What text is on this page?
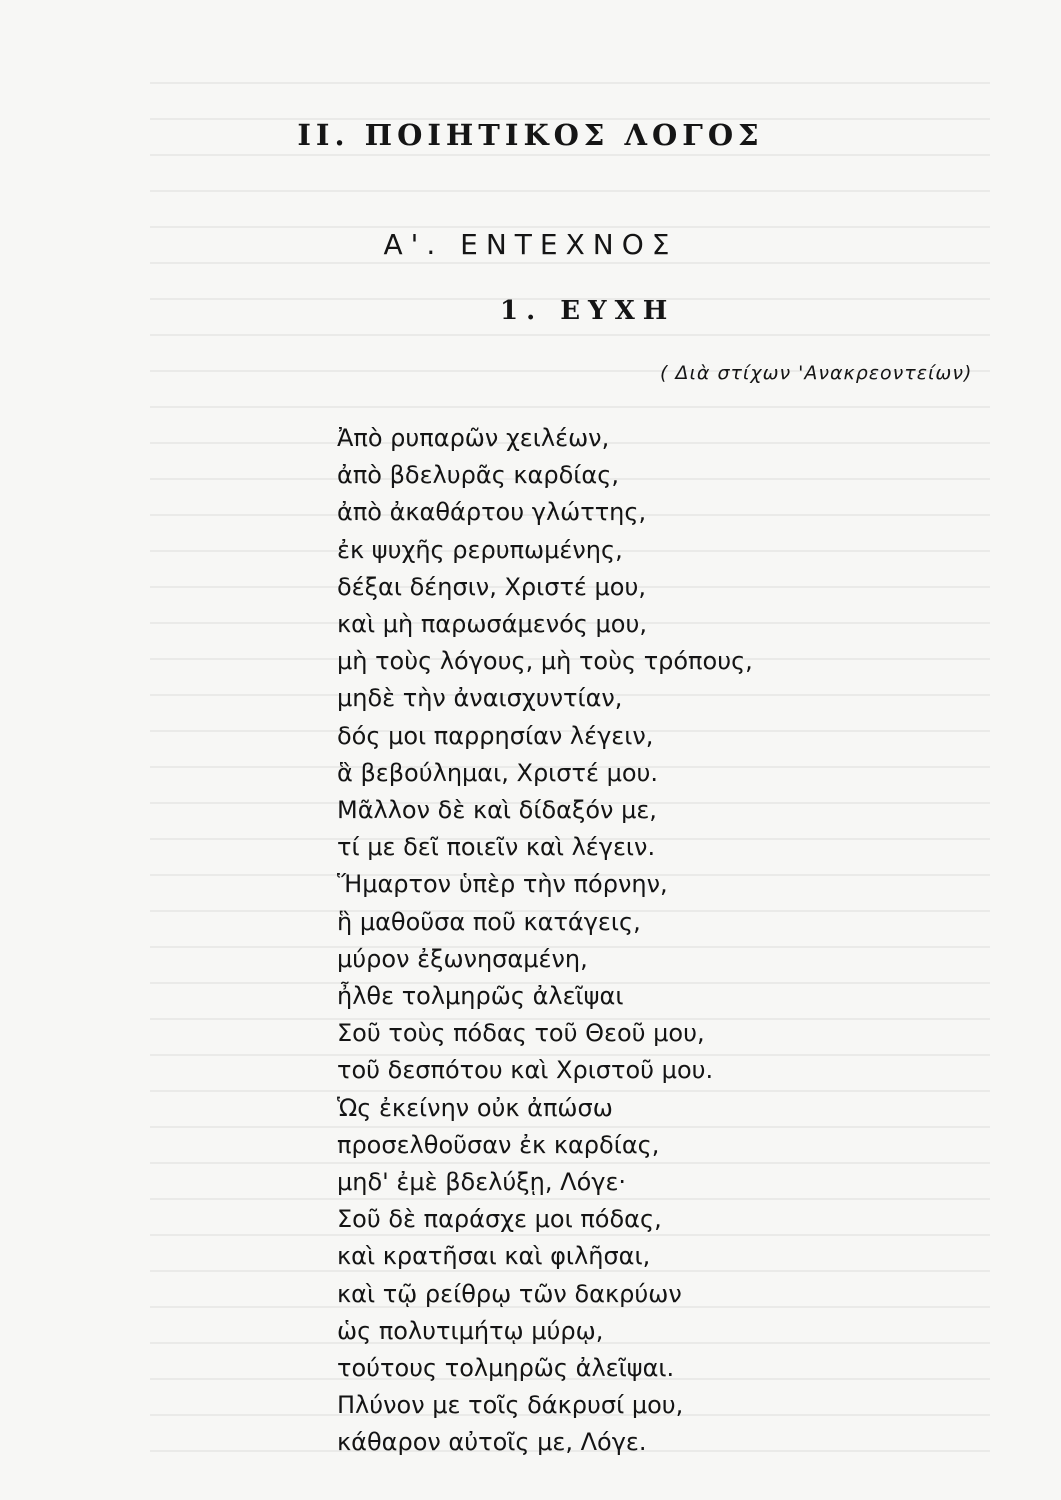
II. ΠΟΙΗΤΙΚΟΣ ΛΟΓΟΣ
Α'. ΕΝΤΕΧΝΟΣ
1. ΕΥΧΗ
( Διὰ στίχων 'Ανακρεοντείων)
Ἀπὸ ρυπαρῶν χειλέων,
ἀπὸ βδελυρᾶς καρδίας,
ἀπὸ ἀκαθάρτου γλώττης,
ἐκ ψυχῆς ρερυπωμένης,
δέξαι δέησιν, Χριστέ μου,
καὶ μὴ παρωσάμενός μου,
μὴ τοὺς λόγους, μὴ τοὺς τρόπους,
μηδὲ τὴν ἀναισχυντίαν,
δός μοι παρρησίαν λέγειν,
ἃ βεβούλημαι, Χριστέ μου.
Μᾶλλον δὲ καὶ δίδαξόν με,
τί με δεῖ ποιεῖν καὶ λέγειν.
Ἥμαρτον ὑπὲρ τὴν πόρνην,
ἣ μαθοῦσα ποῦ κατάγεις,
μύρον ἐξωνησαμένη,
ἦλθε τολμηρῶς ἀλεῖψαι
Σοῦ τοὺς πόδας τοῦ Θεοῦ μου,
τοῦ δεσπότου καὶ Χριστοῦ μου.
Ὡς ἐκείνην οὐκ ἀπώσω
προσελθοῦσαν ἐκ καρδίας,
μηδ' ἐμὲ βδελύξῃ, Λόγε·
Σοῦ δὲ παράσχε μοι πόδας,
καὶ κρατῆσαι καὶ φιλῆσαι,
καὶ τῷ ρείθρῳ τῶν δακρύων
ὡς πολυτιμήτῳ μύρῳ,
τούτους τολμηρῶς ἀλεῖψαι.
Πλύνον με τοῖς δάκρυσί μου,
κάθαρον αὐτοῖς με, Λόγε.
